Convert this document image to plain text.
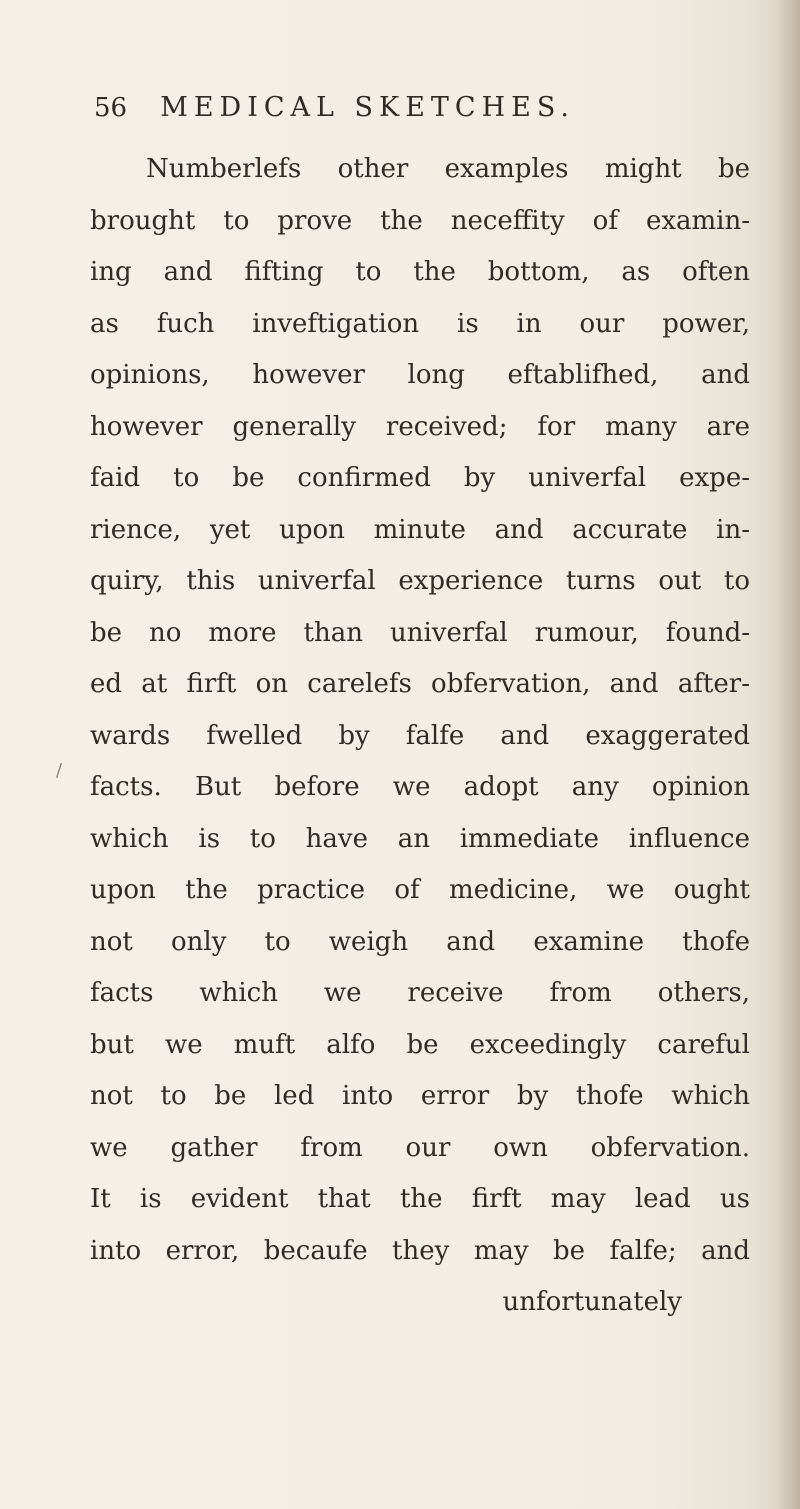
56 MEDICAL SKETCHES.
/
Numberlefs other examples might be
brought to prove the neceffity of examin-
ing and fifting to the bottom, as often
as fuch inveftigation is in our power,
opinions, however long eftablifhed, and
however generally received; for many are
faid to be confirmed by univerfal expe-
rience, yet upon minute and accurate in-
quiry, this univerfal experience turns out to
be no more than univerfal rumour, found-
ed at firft on carelefs obfervation, and after-
wards fwelled by falfe and exaggerated
facts. But before we adopt any opinion
which is to have an immediate influence
upon the practice of medicine, we ought
not only to weigh and examine thofe
facts which we receive from others,
but we muft alfo be exceedingly careful
not to be led into error by thofe which
we gather from our own obfervation.
It is evident that the firft may lead us
into error, becaufe they may be falfe; and
unfortunately
